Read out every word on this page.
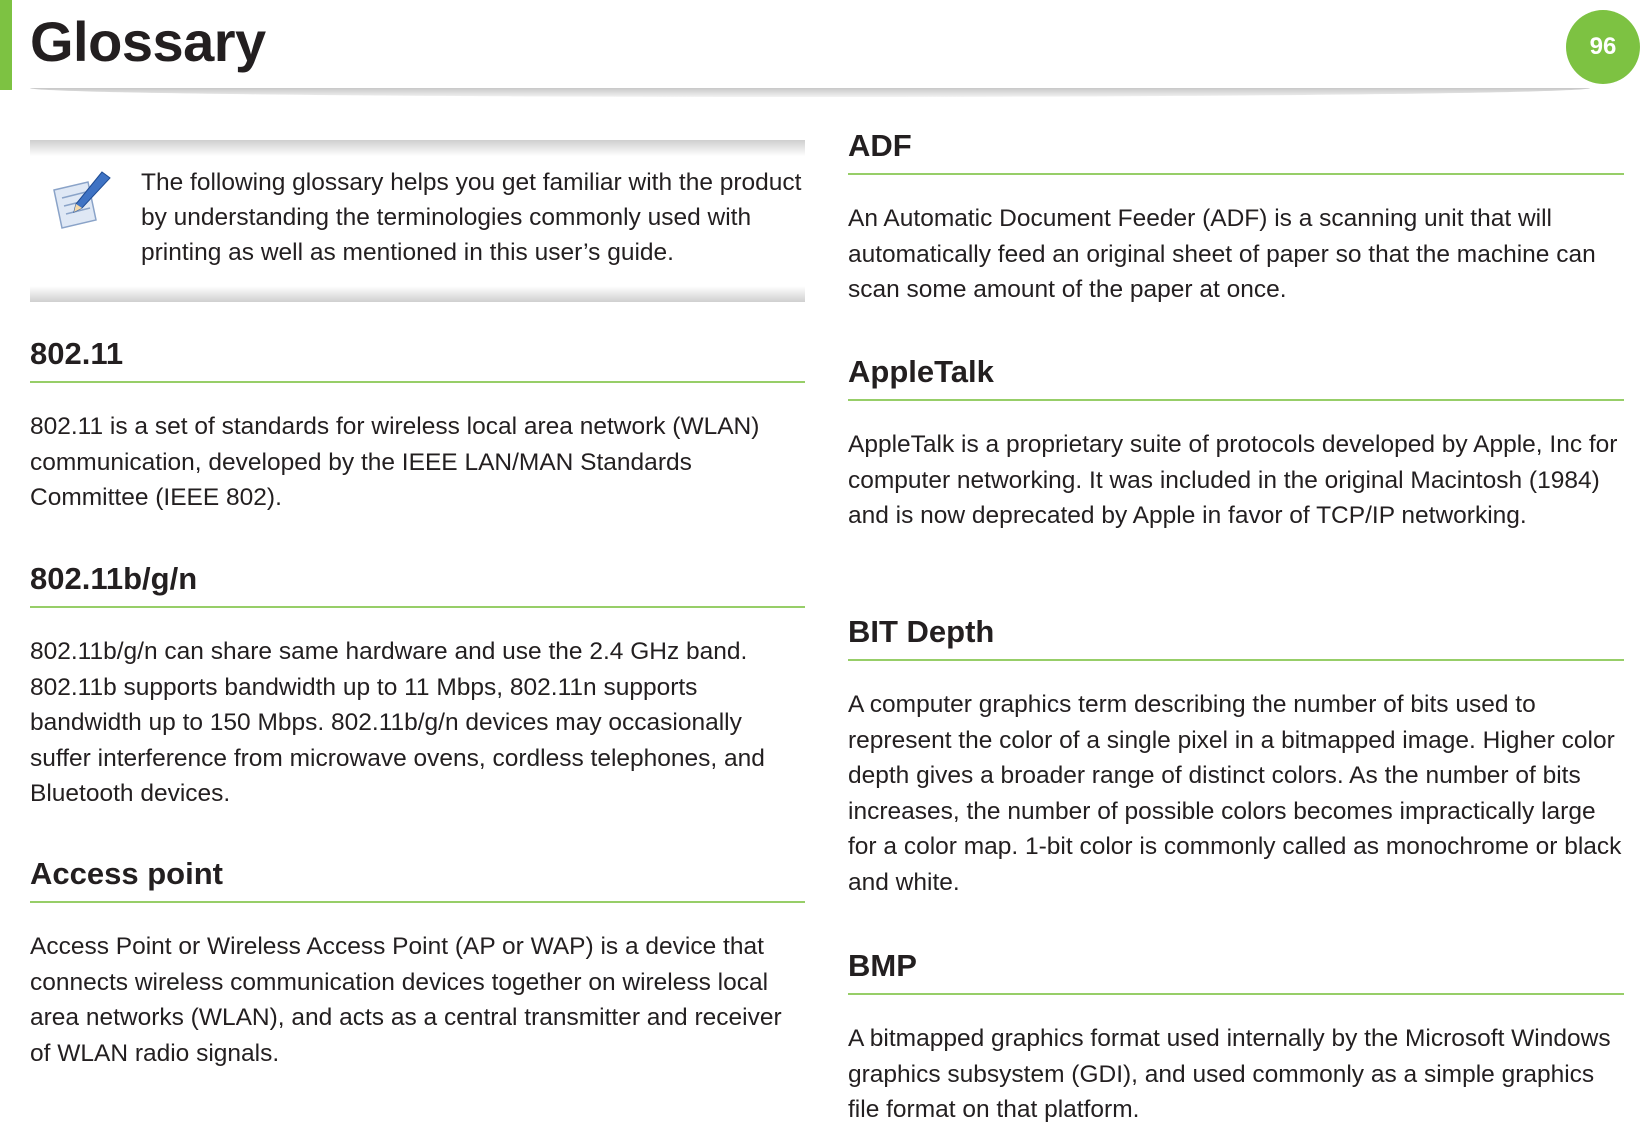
Glossary	96

The following glossary helps you get familiar with the product by understanding the terminologies commonly used with printing as well as mentioned in this user’s guide.

802.11

802.11 is a set of standards for wireless local area network (WLAN) communication, developed by the IEEE LAN/MAN Standards Committee (IEEE 802).

802.11b/g/n

802.11b/g/n can share same hardware and use the 2.4 GHz band. 802.11b supports bandwidth up to 11 Mbps, 802.11n supports bandwidth up to 150 Mbps. 802.11b/g/n devices may occasionally suffer interference from microwave ovens, cordless telephones, and Bluetooth devices.

Access point

Access Point or Wireless Access Point (AP or WAP) is a device that connects wireless communication devices together on wireless local area networks (WLAN), and acts as a central transmitter and receiver of WLAN radio signals.

ADF

An Automatic Document Feeder (ADF) is a scanning unit that will automatically feed an original sheet of paper so that the machine can scan some amount of the paper at once.

AppleTalk

AppleTalk is a proprietary suite of protocols developed by Apple, Inc for computer networking. It was included in the original Macintosh (1984) and is now deprecated by Apple in favor of TCP/IP networking.

BIT Depth

A computer graphics term describing the number of bits used to represent the color of a single pixel in a bitmapped image. Higher color depth gives a broader range of distinct colors. As the number of bits increases, the number of possible colors becomes impractically large for a color map. 1-bit color is commonly called as monochrome or black and white.

BMP

A bitmapped graphics format used internally by the Microsoft Windows graphics subsystem (GDI), and used commonly as a simple graphics file format on that platform.
